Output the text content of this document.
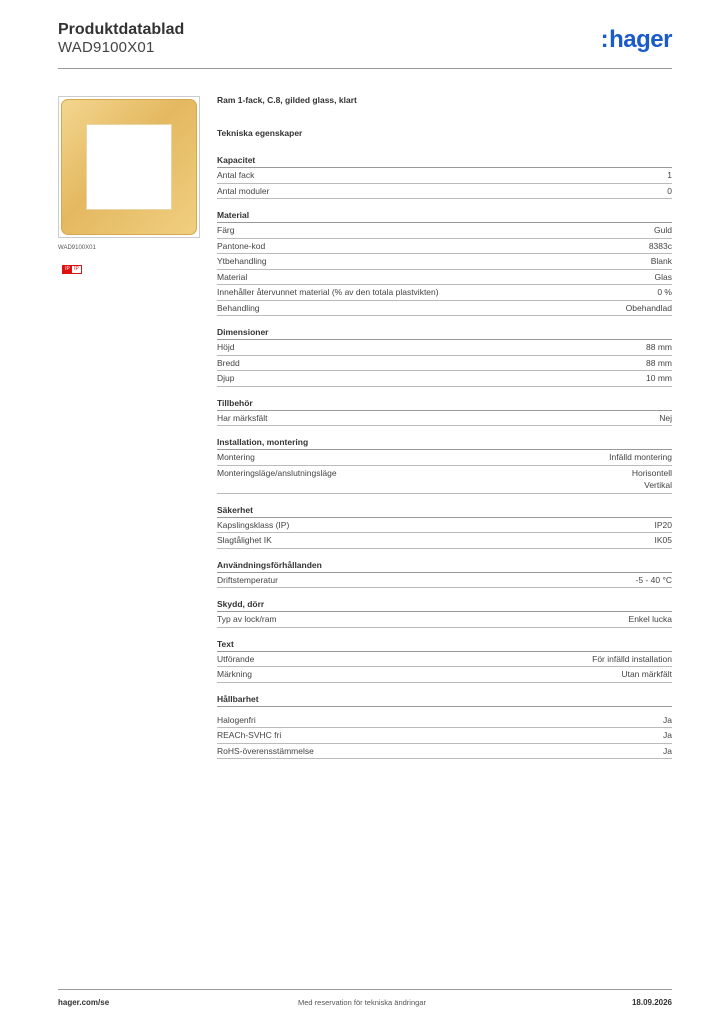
Produktdatablad
WAD9100X01	:hager
WAD9100X01
IP IP
Ram 1-fack, C.8, gilded glass, klart
Tekniska egenskaper
Kapacitet
Antal fack	1
Antal moduler	0
Material
Färg	Guld
Pantone-kod	8383c
Ytbehandling	Blank
Material	Glas
Innehåller återvunnet material (% av den totala plastvikten)	0 %
Behandling	Obehandlad
Dimensioner
Höjd	88 mm
Bredd	88 mm
Djup	10 mm
Tillbehör
Har märksfält	Nej
Installation, montering
Montering	Infälld montering
Monteringsläge/anslutningsläge	Horisontell
Vertikal
Säkerhet
Kapslingsklass (IP)	IP20
Slagtålighet IK	IK05
Användningsförhållanden
Driftstemperatur	-5 - 40 °C
Skydd, dörr
Typ av lock/ram	Enkel lucka
Text
Utförande	För infälld installation
Märkning	Utan märkfält
Hållbarhet
Halogenfri	Ja
REACh-SVHC fri	Ja
RoHS-överensstämmelse	Ja
hager.com/se	Med reservation för tekniska ändringar	18.09.2026
